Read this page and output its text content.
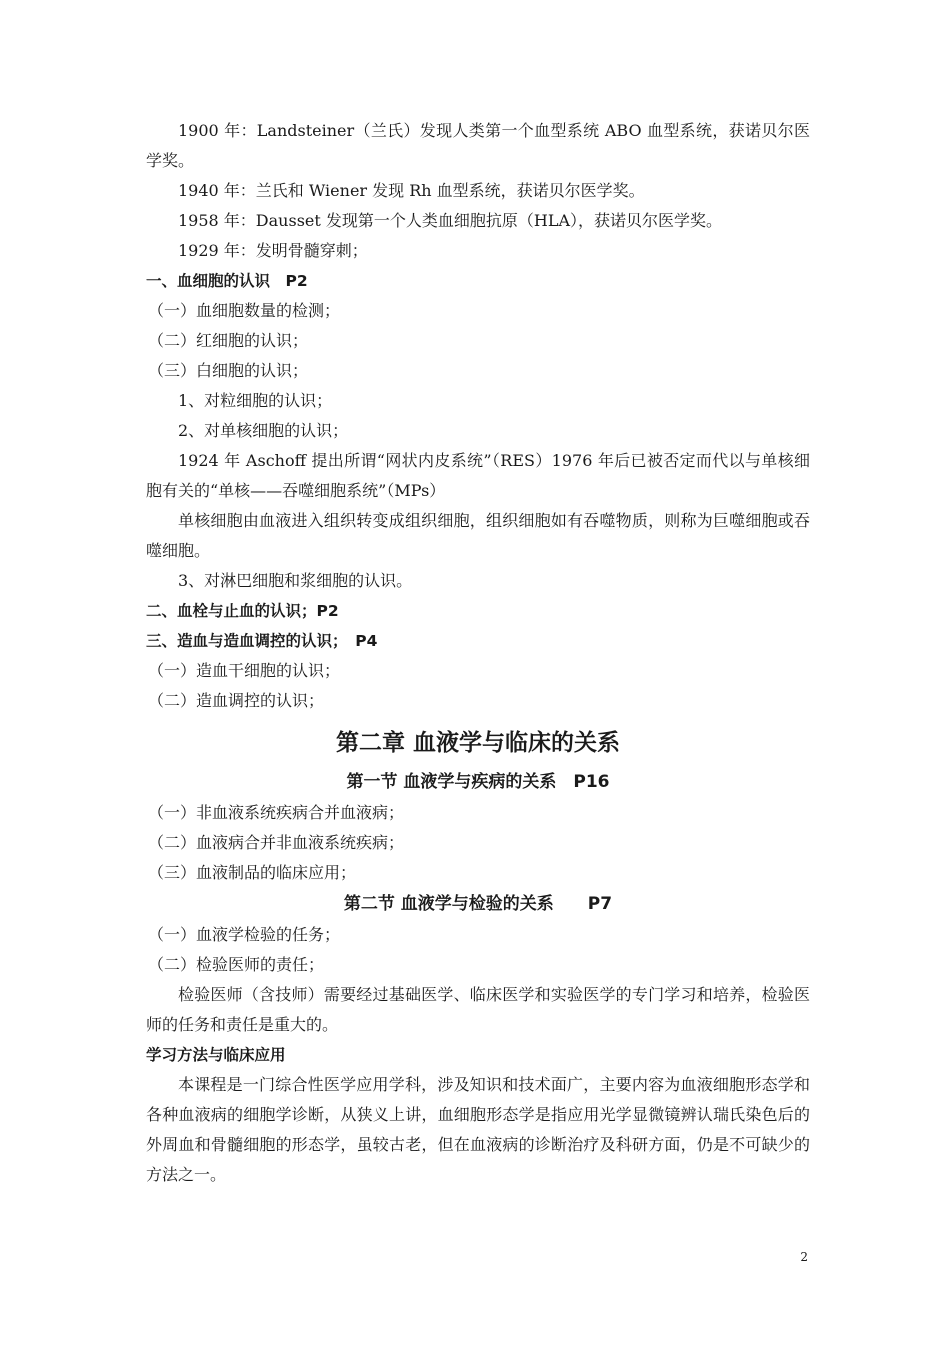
1900 年：Landsteiner（兰氏）发现人类第一个血型系统 ABO 血型系统，获诺贝尔医学奖。

1940 年：兰氏和 Wiener 发现 Rh 血型系统，获诺贝尔医学奖。

1958 年：Dausset 发现第一个人类血细胞抗原（HLA），获诺贝尔医学奖。

1929 年：发明骨髓穿刺；

一、血细胞的认识　P2

（一）血细胞数量的检测；

（二）红细胞的认识；

（三）白细胞的认识；

1、对粒细胞的认识；

2、对单核细胞的认识；

1924 年 Aschoff 提出所谓“网状内皮系统”（RES）1976 年后已被否定而代以与单核细胞有关的“单核——吞噬细胞系统”（MPs）

单核细胞由血液进入组织转变成组织细胞，组织细胞如有吞噬物质，则称为巨噬细胞或吞噬细胞。

3、对淋巴细胞和浆细胞的认识。

二、血栓与止血的认识；P2

三、造血与造血调控的认识；　P4

（一）造血干细胞的认识；

（二）造血调控的认识；

第二章 血液学与临床的关系

第一节 血液学与疾病的关系　P16

（一）非血液系统疾病合并血液病；

（二）血液病合并非血液系统疾病；

（三）血液制品的临床应用；

第二节 血液学与检验的关系　　P7

（一）血液学检验的任务；

（二）检验医师的责任；

检验医师（含技师）需要经过基础医学、临床医学和实验医学的专门学习和培养，检验医师的任务和责任是重大的。

学习方法与临床应用

本课程是一门综合性医学应用学科，涉及知识和技术面广，主要内容为血液细胞形态学和各种血液病的细胞学诊断，从狭义上讲，血细胞形态学是指应用光学显微镜辨认瑞氏染色后的外周血和骨髓细胞的形态学，虽较古老，但在血液病的诊断治疗及科研方面，仍是不可缺少的方法之一。

2
